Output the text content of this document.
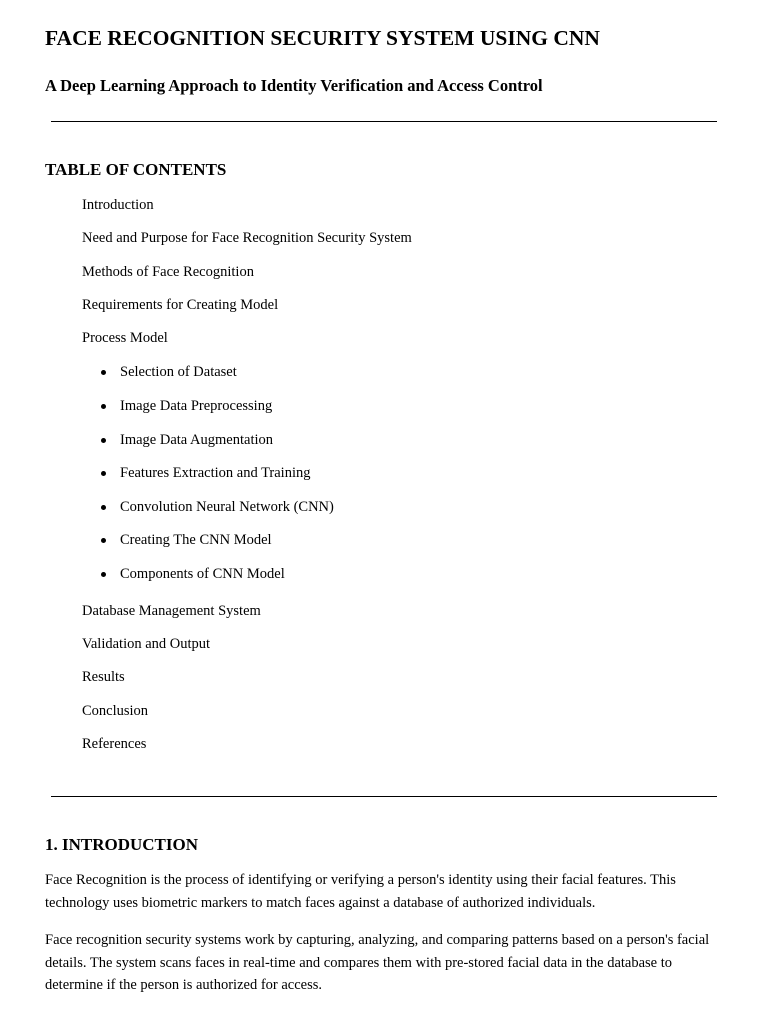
FACE RECOGNITION SECURITY SYSTEM USING CNN
A Deep Learning Approach to Identity Verification and Access Control
TABLE OF CONTENTS
Introduction
Need and Purpose for Face Recognition Security System
Methods of Face Recognition
Requirements for Creating Model
Process Model
Selection of Dataset
Image Data Preprocessing
Image Data Augmentation
Features Extraction and Training
Convolution Neural Network (CNN)
Creating The CNN Model
Components of CNN Model
Database Management System
Validation and Output
Results
Conclusion
References
1. INTRODUCTION

Face Recognition is the process of identifying or verifying a person's identity using their facial features. This technology uses biometric markers to match faces against a database of authorized individuals.

Face recognition security systems work by capturing, analyzing, and comparing patterns based on a person's facial details. The system scans faces in real-time and compares them with pre-stored facial data in the database to determine if the person is authorized for access.
